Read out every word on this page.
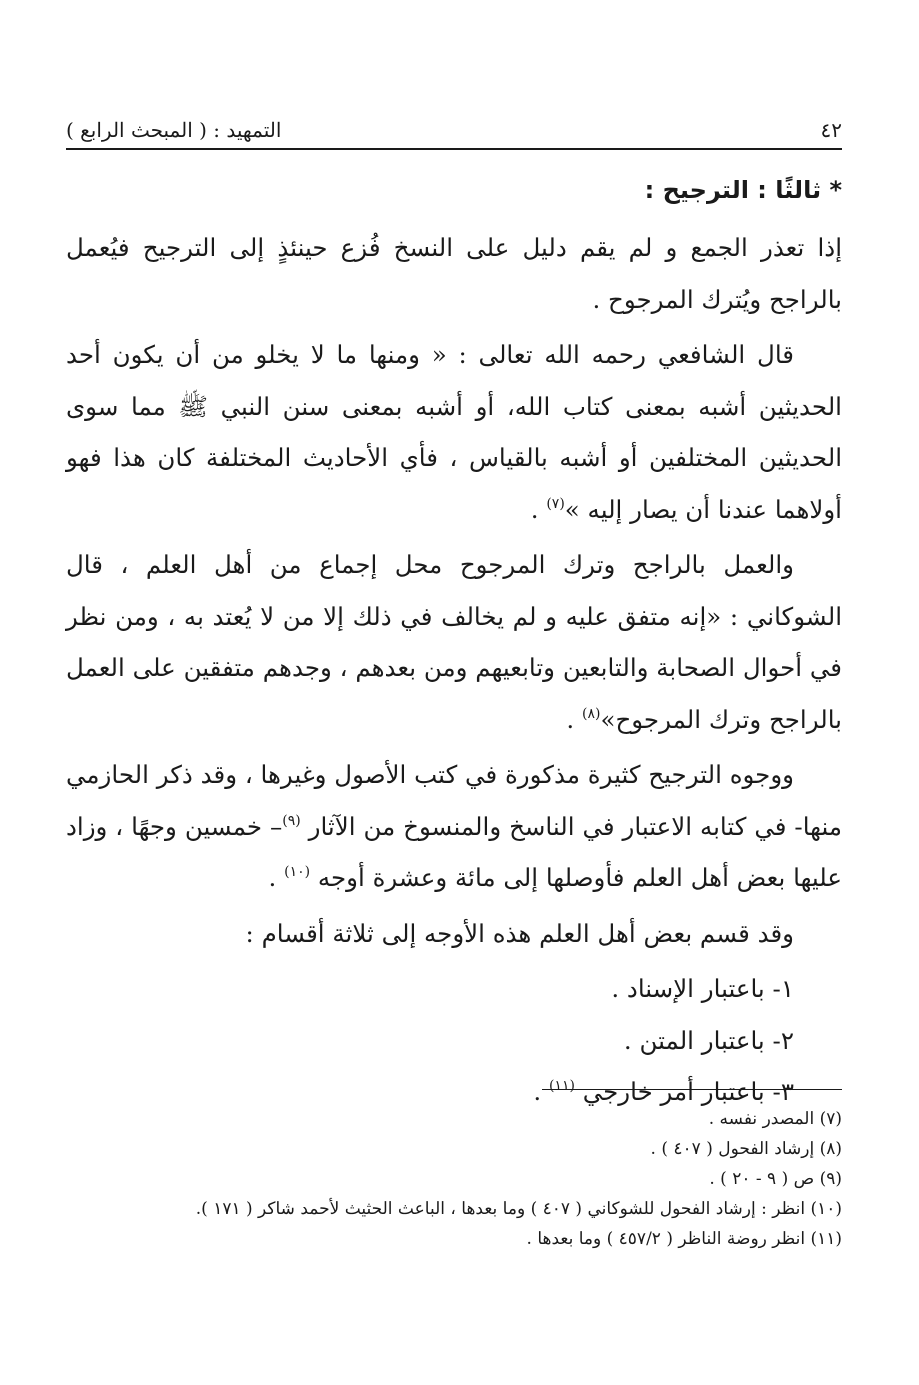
٤٢
التمهيد : ( المبحث الرابع )

* ثالثًا : الترجيح :

إذا تعذر الجمع و لم يقم دليل على النسخ فُزع حينئذٍ إلى الترجيح فيُعمل بالراجح ويُترك المرجوح .

قال الشافعي رحمه الله تعالى : « ومنها ما لا يخلو من أن يكون أحد الحديثين أشبه بمعنى كتاب الله، أو أشبه بمعنى سنن النبي ﷺ مما سوى الحديثين المختلفين أو أشبه بالقياس ، فأي الأحاديث المختلفة كان هذا فهو أولاهما عندنا أن يصار إليه »$^{(٧)}$ .

والعمل بالراجح وترك المرجوح محل إجماع من أهل العلم ، قال الشوكاني : «إنه متفق عليه و لم يخالف في ذلك إلا من لا يُعتد به ، ومن نظر في أحوال الصحابة والتابعين وتابعيهم ومن بعدهم ، وجدهم متفقين على العمل بالراجح وترك المرجوح»$^{(٨)}$ .

ووجوه الترجيح كثيرة مذكورة في كتب الأصول وغيرها ، وقد ذكر الحازمي منها- في كتابه الاعتبار في الناسخ والمنسوخ من الآثار $^{(٩)}$– خمسين وجهًا ، وزاد عليها بعض أهل العلم فأوصلها إلى مائة وعشرة أوجه $^{(١٠)}$ .

وقد قسم بعض أهل العلم هذه الأوجه إلى ثلاثة أقسام :

١- باعتبار الإسناد .

٢- باعتبار المتن .

٣- باعتبار أمر خارجي $^{(١١)}$ .

(٧) المصدر نفسه .

(٨) إرشاد الفحول ( ٤٠٧ ) .

(٩) ص ( ٩ - ٢٠ ) .

(١٠) انظر : إرشاد الفحول للشوكاني ( ٤٠٧ ) وما بعدها ، الباعث الحثيث لأحمد شاكر ( ١٧١ ).

(١١) انظر روضة الناظر ( ٤٥٧/٢ ) وما بعدها .
